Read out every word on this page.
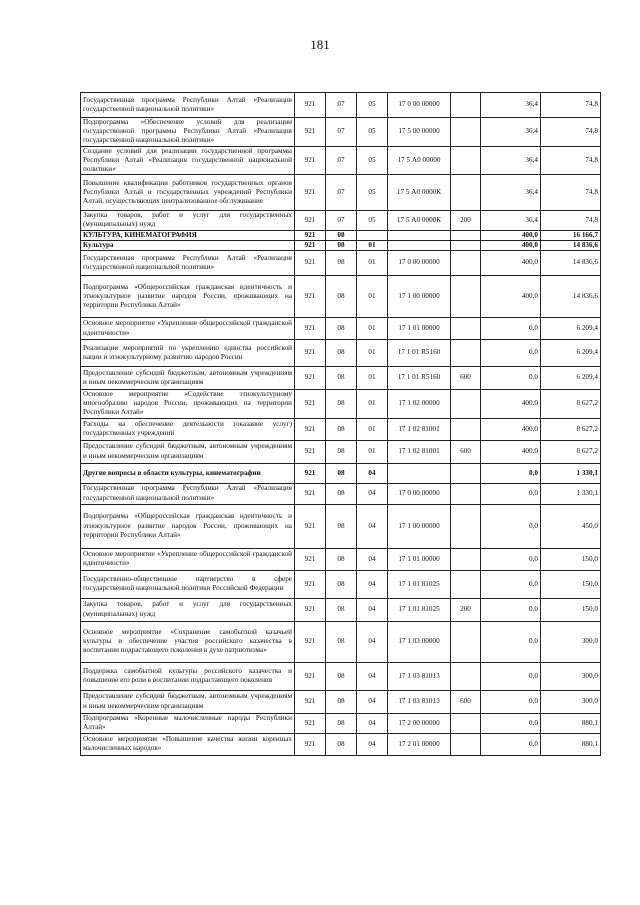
181
Государственная программа Республики Алтай «Реализация государственной национальной политики»	921	07	05	17 0 00 00000		36,4	74,8
Подпрограмма «Обеспечение условий для реализации государственной программы Республики Алтай «Реализация государственной национальной политики»	921	07	05	17 5 00 00000		36,4	74,8
Создание условий для реализации государственной программы Республики Алтай «Реализация государственной национальной политики»	921	07	05	17 5 А0 00000		36,4	74,8
Повышение квалификации работников государственных органов Республики Алтай и государственных учреждений Республики Алтай, осуществляющих централизованное обслуживание	921	07	05	17 5 А0 0000К		36,4	74,8
Закупка товаров, работ и услуг для государственных (муниципальных) нужд	921	07	05	17 5 А0 0000К	200	36,4	74,8
КУЛЬТУРА, КИНЕМАТОГРАФИЯ	921	08				400,0	16 166,7
Культура	921	08	01			400,0	14 836,6
Государственная программа Республики Алтай «Реализация государственной национальной политики»	921	08	01	17 0 00 00000		400,0	14 836,6
Подпрограмма «Общероссийская гражданская идентичность и этнокультурное развитие народов России, проживающих на территории Республики Алтай»	921	08	01	17 1 00 00000		400,0	14 836,6
Основное мероприятие «Укрепление общероссийской гражданской идентичности»	921	08	01	17 1 01 00000		0,0	6 209,4
Реализация мероприятий по укреплению единства российской нации и этнокультурному развитию народов России	921	08	01	17 1 01 R5160		0,0	6 209,4
Предоставление субсидий бюджетным, автономным учреждениям и иным некоммерческим организациям	921	08	01	17 1 01 R5160	600	0,0	6 209,4
Основное мероприятие «Содействие этнокультурному многообразию народов России, проживающих на территории Республики Алтай»	921	08	01	17 1 02 00000		400,0	8 627,2
Расходы на обеспечение деятельности (оказание услуг) государственных учреждений	921	08	01	17 1 02 81001		400,0	8 627,2
Предоставление субсидий бюджетным, автономным учреждениям и иным некоммерческим организациям	921	08	01	17 1 02 81001	600	400,0	8 627,2
Другие вопросы в области культуры, кинематографии	921	08	04			0,0	1 330,1
Государственная программа Республики Алтай «Реализация государственной национальной политики»	921	08	04	17 0 00 00000		0,0	1 330,1
Подпрограмма «Общероссийская гражданская идентичность и этнокультурное развитие народов России, проживающих на территории Республики Алтай»	921	08	04	17 1 00 00000		0,0	450,0
Основное мероприятие «Укрепление общероссийской гражданской идентичности»	921	08	04	17 1 01 00000		0,0	150,0
Государственно-общественное партнерство в сфере государственной национальной политики Российской Федерации	921	08	04	17 1 01 81025		0,0	150,0
Закупка товаров, работ и услуг для государственных (муниципальных) нужд	921	08	04	17 1 01 81025	200	0,0	150,0
Основное мероприятие «Сохранение самобытной казачьей культуры и обеспечение участия российского казачества в воспитании подрастающего поколения в духе патриотизма»	921	08	04	17 1 03 00000		0,0	300,0
Поддержка самобытной культуры российского казачества и повышение его роли в воспитании подрастающего поколения	921	08	04	17 1 03 81013		0,0	300,0
Предоставление субсидий бюджетным, автономным учреждениям и иным некоммерческим организациям	921	08	04	17 1 03 81013	600	0,0	300,0
Подпрограмма «Коренные малочисленные народы Республики Алтай»	921	08	04	17 2 00 00000		0,0	880,1
Основное мероприятие «Повышение качества жизни коренных малочисленных народов»	921	08	04	17 2 01 00000		0,0	880,1
